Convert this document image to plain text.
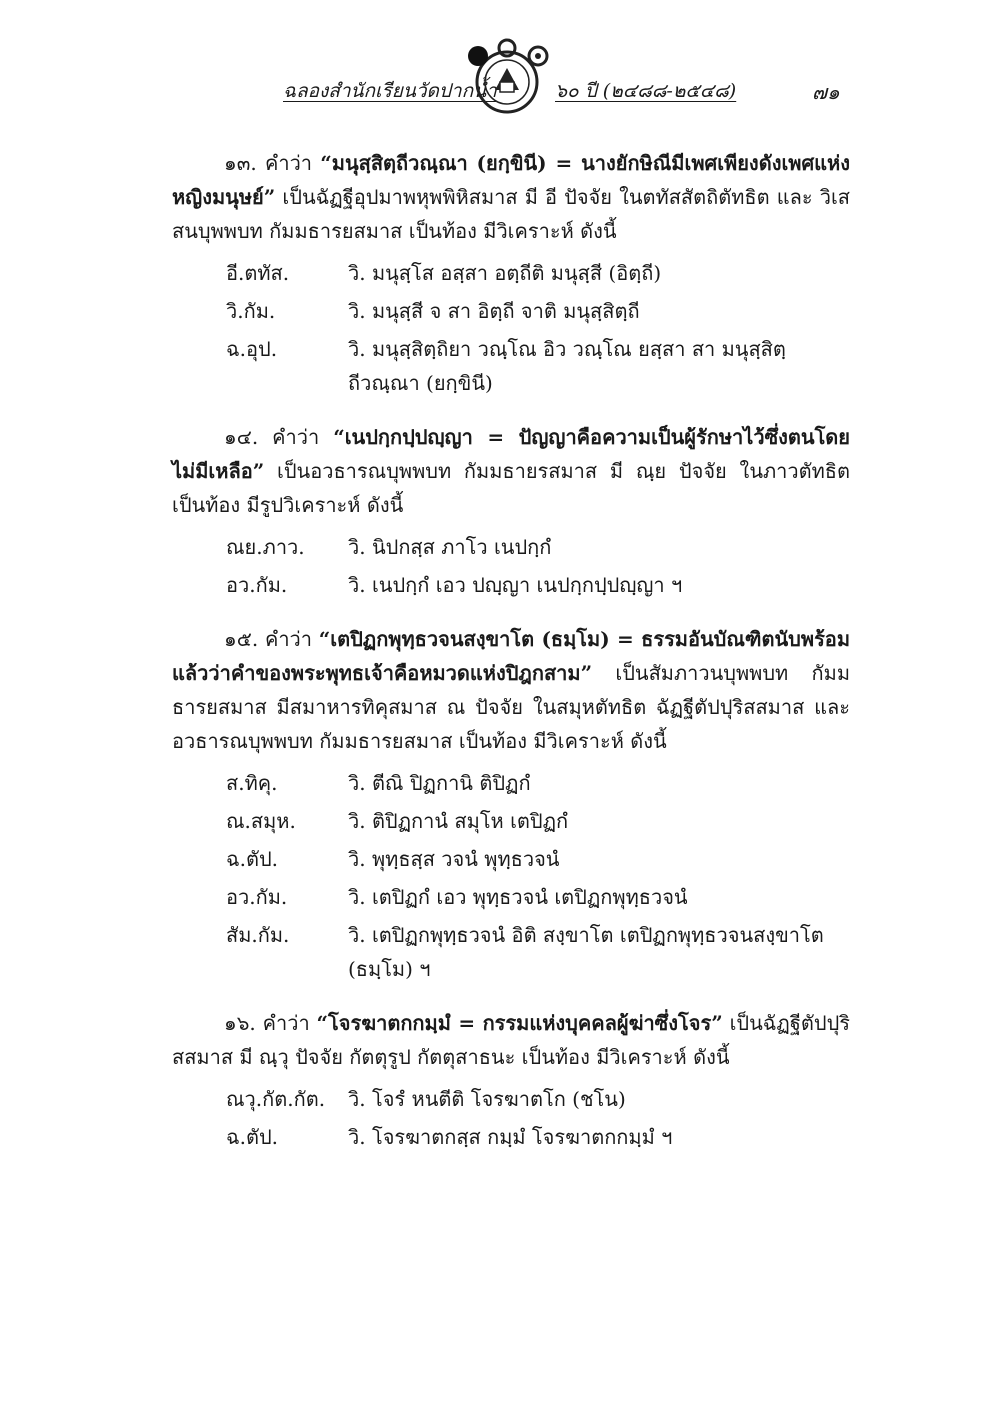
ฉลองสำนักเรียนวัดปากน้ำ	๖๐ ปี (๒๔๘๘-๒๕๔๘)	๗๑

๑๓. คำว่า “มนุสฺสิตฺถีวณฺณา (ยกฺขินี) = นางยักษิณีมีเพศเพียงดังเพศแห่งหญิงมนุษย์” เป็นฉัฏฐีอุปมาพหุพพิหิสมาส มี อี ปัจจัย ในตทัสสัตถิตัทธิต และ วิเสสนบุพพบท กัมมธารยสมาส เป็นท้อง มีวิเคราะห์ ดังนี้

อี.ตทัส.	วิ. มนุสฺโส อสฺสา อตฺถีติ มนุสฺสี (อิตฺถี)
วิ.กัม.	วิ. มนุสฺสี จ สา อิตฺถี จาติ มนุสฺสิตฺถี
ฉ.อุป.	วิ. มนุสฺสิตฺถิยา วณฺโณ อิว วณฺโณ ยสฺสา สา มนุสฺสิตฺถีวณฺณา (ยกฺขินี)

๑๔. คำว่า “เนปกฺกปฺปญฺญา = ปัญญาคือความเป็นผู้รักษาไว้ซึ่งตนโดยไม่มีเหลือ” เป็นอวธารณบุพพบท กัมมธายรสมาส มี ณฺย ปัจจัย ในภาวตัทธิต เป็นท้อง มีรูปวิเคราะห์ ดังนี้

ณย.ภาว.	วิ. นิปกสฺส ภาโว เนปกฺกํ
อว.กัม.	วิ. เนปกฺกํ เอว ปญฺญา เนปกฺกปฺปญฺญา ฯ

๑๕. คำว่า “เตปิฏกพุทฺธวจนสงฺขาโต (ธมฺโม) = ธรรมอันบัณฑิตนับพร้อมแล้วว่าคำของพระพุทธเจ้าคือหมวดแห่งปิฎกสาม” เป็นสัมภาวนบุพพบท กัมมธารยสมาส มีสมาหารทิคุสมาส ณ ปัจจัย ในสมุหตัทธิต ฉัฏฐีตัปปุริสสมาส และอวธารณบุพพบท กัมมธารยสมาส เป็นท้อง มีวิเคราะห์ ดังนี้

ส.ทิคุ.	วิ. ตีณิ ปิฏกานิ ติปิฏกํ
ณ.สมุห.	วิ. ติปิฏกานํ สมุโห เตปิฏกํ
ฉ.ตัป.	วิ. พุทฺธสฺส วจนํ พุทฺธวจนํ
อว.กัม.	วิ. เตปิฏกํ เอว พุทฺธวจนํ เตปิฏกพุทฺธวจนํ
สัม.กัม.	วิ. เตปิฏกพุทฺธวจนํ อิติ สงฺขาโต เตปิฏกพุทฺธวจนสงฺขาโต (ธมฺโม) ฯ

๑๖. คำว่า “โจรฆาตกกมฺมํ = กรรมแห่งบุคคลผู้ฆ่าซึ่งโจร” เป็นฉัฏฐีตัปปุริสสมาส มี ณฺวุ ปัจจัย กัตตุรูป กัตตุสาธนะ เป็นท้อง มีวิเคราะห์ ดังนี้

ณวุ.กัต.กัต.	วิ. โจรํ หนตีติ โจรฆาตโก (ชโน)
ฉ.ตัป.	วิ. โจรฆาตกสฺส กมฺมํ โจรฆาตกกมฺมํ ฯ
